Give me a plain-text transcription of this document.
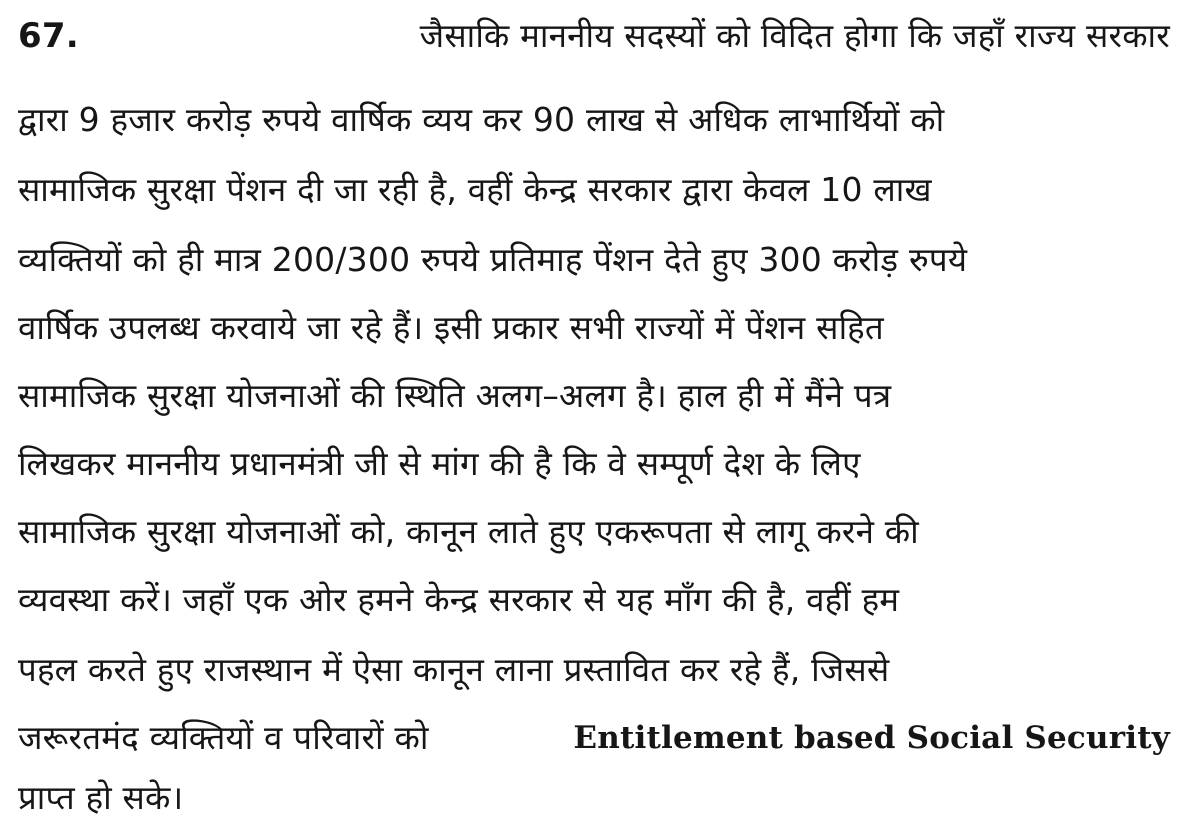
67.	जैसाकि माननीय सदस्यों को विदित होगा कि जहाँ राज्य सरकार
द्वारा 9 हजार करोड़ रुपये वार्षिक व्यय कर 90 लाख से अधिक लाभार्थियों को
सामाजिक सुरक्षा पेंशन दी जा रही है, वहीं केन्द्र सरकार द्वारा केवल 10 लाख
व्यक्तियों को ही मात्र 200/300 रुपये प्रतिमाह पेंशन देते हुए 300 करोड़ रुपये
वार्षिक उपलब्ध करवाये जा रहे हैं। इसी प्रकार सभी राज्यों में पेंशन सहित
सामाजिक सुरक्षा योजनाओं की स्थिति अलग–अलग है। हाल ही में मैंने पत्र
लिखकर माननीय प्रधानमंत्री जी से मांग की है कि वे सम्पूर्ण देश के लिए
सामाजिक सुरक्षा योजनाओं को, कानून लाते हुए एकरूपता से लागू करने की
व्यवस्था करें। जहाँ एक ओर हमने केन्द्र सरकार से यह माँग की है, वहीं हम
पहल करते हुए राजस्थान में ऐसा कानून लाना प्रस्तावित कर रहे हैं, जिससे
जरूरतमंद व्यक्तियों व परिवारों को	Entitlement based Social Security
प्राप्त हो सके।
